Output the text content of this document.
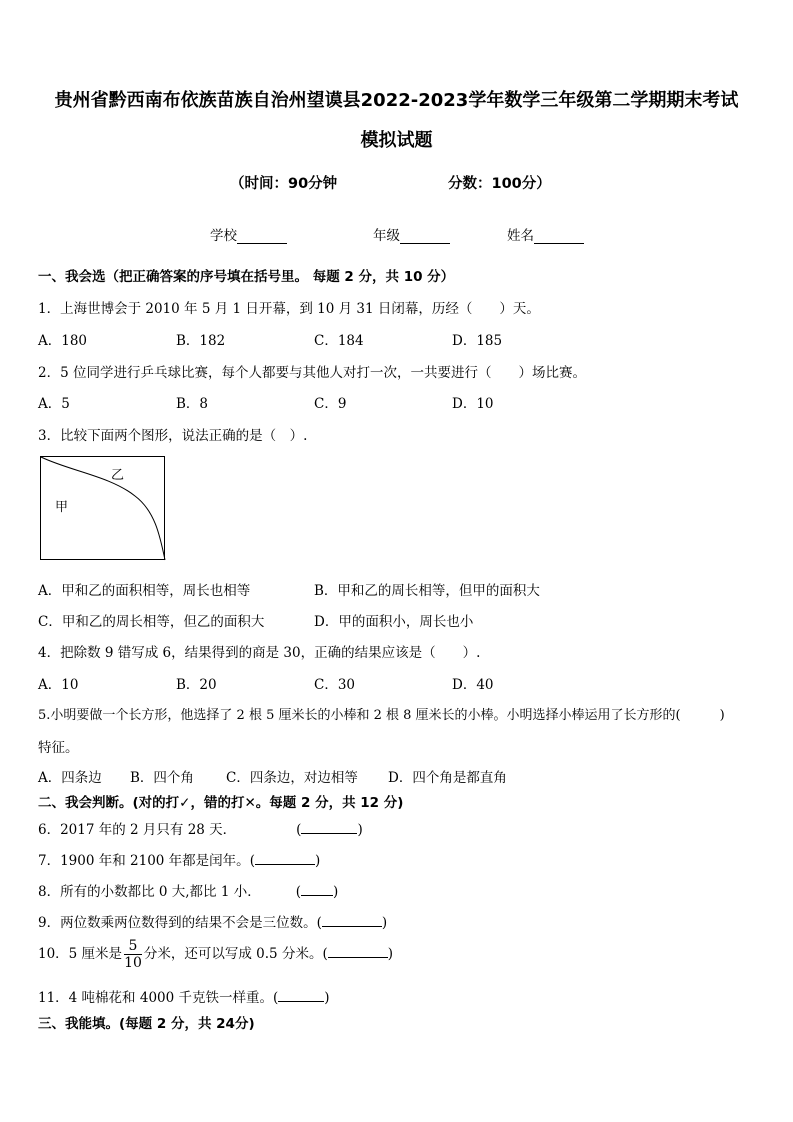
贵州省黔西南布依族苗族自治州望谟县2022-2023学年数学三年级第二学期期末考试
模拟试题
（时间：90分钟	分数：100分）
学校	年级	姓名
一、我会选（把正确答案的序号填在括号里。 每题 2 分，共 10 分）
1．上海世博会于 2010 年 5 月 1 日开幕，到 10 月 31 日闭幕，历经（　　）天。
A．180	B．182	C．184	D．185
2．5 位同学进行乒乓球比赛，每个人都要与其他人对打一次，一共要进行（　　）场比赛。
A．5	B．8	C．9	D．10
3．比较下面两个图形，说法正确的是（　）.
乙
甲
A．甲和乙的面积相等，周长也相等	B．甲和乙的周长相等，但甲的面积大
C．甲和乙的周长相等，但乙的面积大	D．甲的面积小，周长也小
4．把除数 9 错写成 6，结果得到的商是 30，正确的结果应该是（　　）.
A．10	B．20	C．30	D．40
5.小明要做一个长方形，他选择了 2 根 5 厘米长的小棒和 2 根 8 厘米长的小棒。小明选择小棒运用了长方形的(　　　)
特征。
A．四条边 B．四个角 C．四条边，对边相等 D．四个角是都直角
二、我会判断。(对的打✓，错的打✕。每题 2 分，共 12 分)
6．2017 年的 2 月只有 28 天．	(	)
7．1900 年和 2100 年都是闰年。(	)
8．所有的小数都比 0 大,都比 1 小．	( )
9．两位数乘两位数得到的结果不会是三位数。(	)
10．5 厘米是 $\frac{5}{10}$ 分米，还可以写成 0.5 分米。(	)
11．4 吨棉花和 4000 千克铁一样重。(	)
三、我能填。(每题 2 分，共 24分)
